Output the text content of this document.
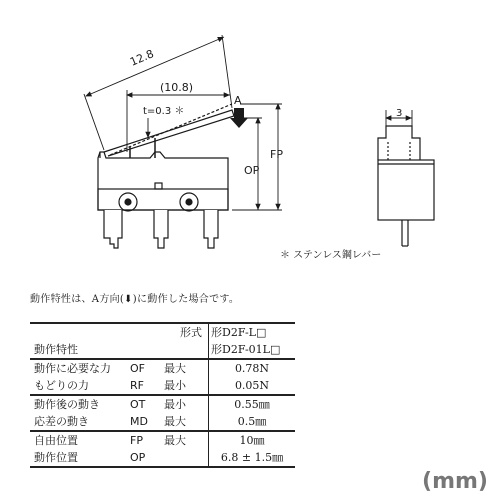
12.8
(10.8)
t=0.3 ＊
A
FP
OP
3
＊ ステンレス鋼レバー
動作特性は、A方向(⬇)に動作した場合です。
形式			形D2F-L□
動作特性			形D2F-01L□
動作に必要な力	OF	最大	0.78N
もどりの力	RF	最小	0.05N
動作後の動き	OT	最小	0.55㎜
応差の動き	MD	最大	0.5㎜
自由位置	FP	最大	10㎜
動作位置	OP		6.8 ± 1.5㎜
(mm)
